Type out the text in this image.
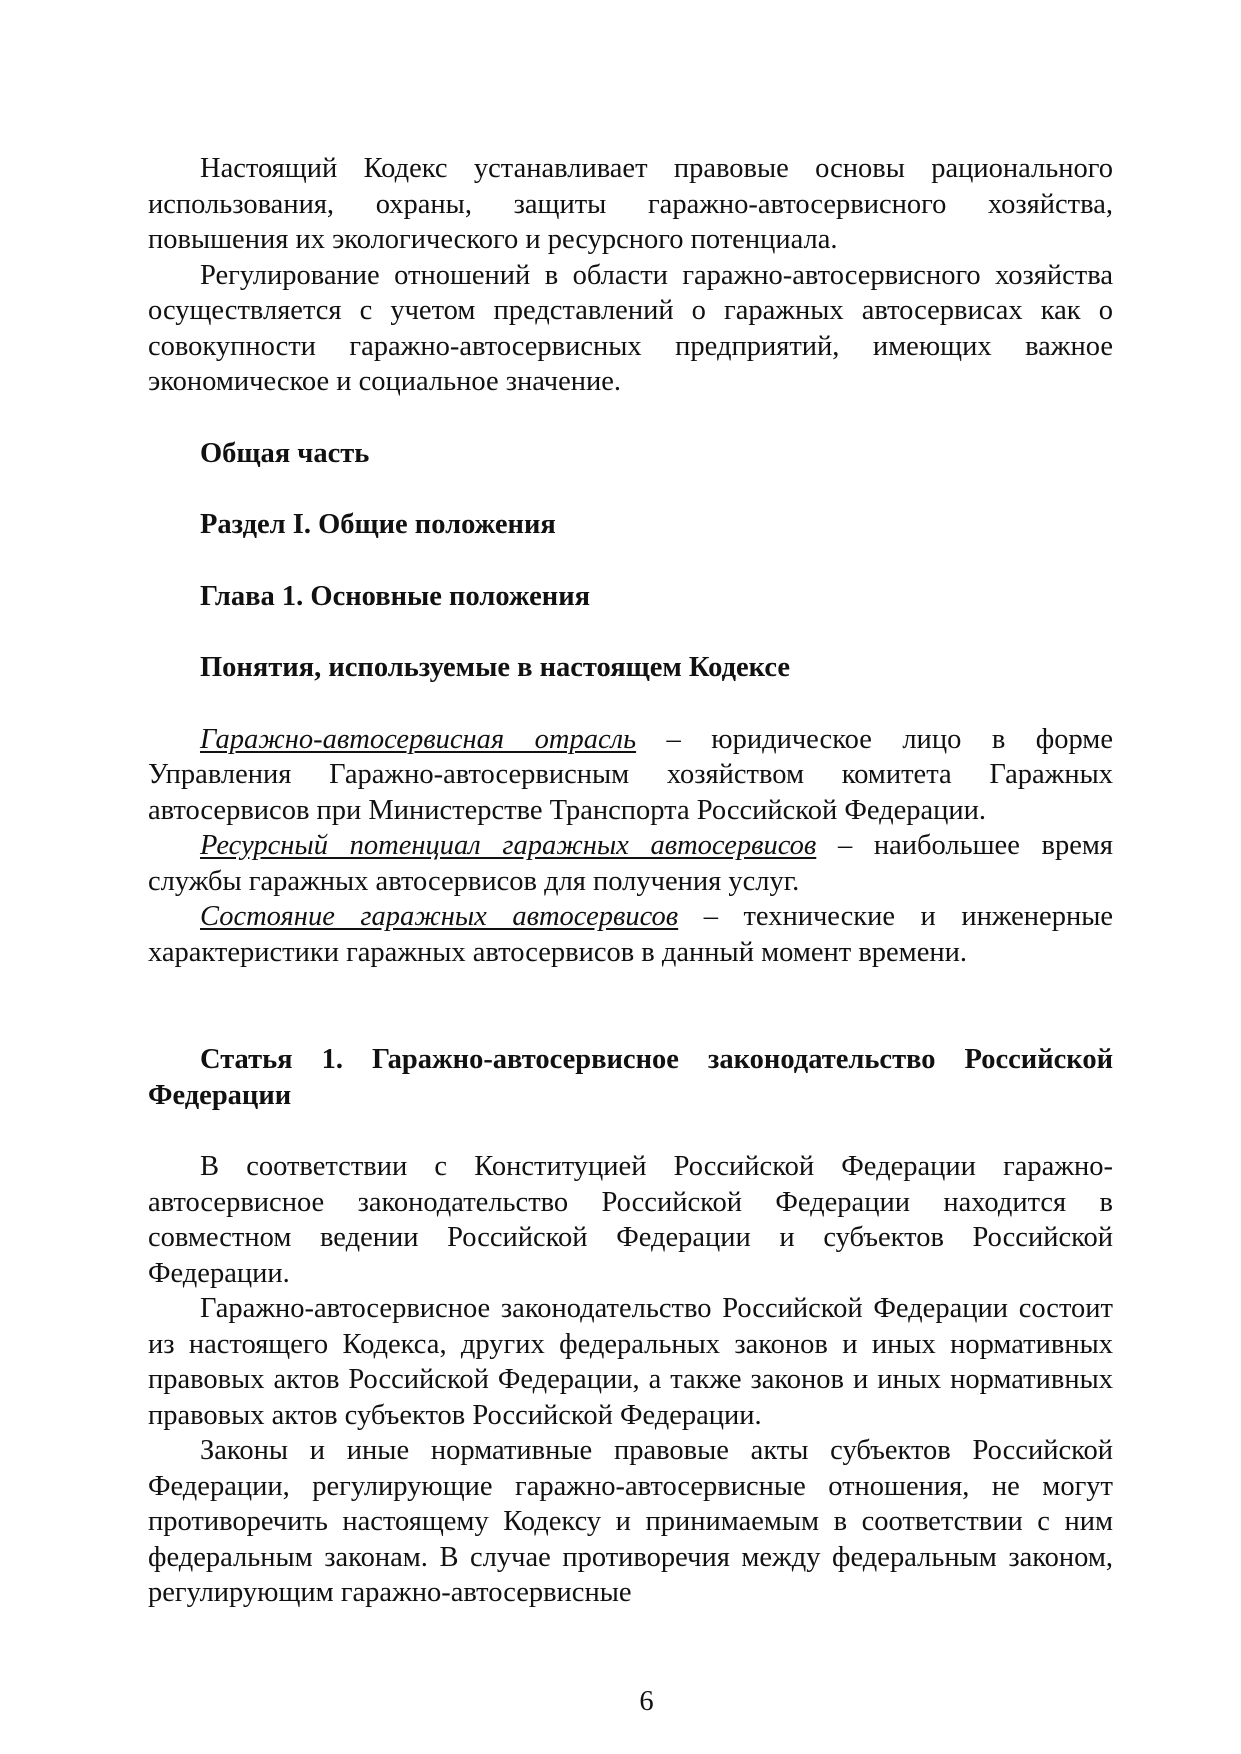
Настоящий Кодекс устанавливает правовые основы рационального использования, охраны, защиты гаражно-автосервисного хозяйства, повышения их экологического и ресурсного потенциала.

Регулирование отношений в области гаражно-автосервисного хозяйства осуществляется с учетом представлений о гаражных автосервисах как о совокупности гаражно-автосервисных предприятий, имеющих важное экономическое и социальное значение.

Общая часть
Раздел I. Общие положения
Глава 1. Основные положения
Понятия, используемые в настоящем Кодексе

Гаражно-автосервисная отрасль – юридическое лицо в форме Управления Гаражно-автосервисным хозяйством комитета Гаражных автосервисов при Министерстве Транспорта Российской Федерации.

Ресурсный потенциал гаражных автосервисов – наибольшее время службы гаражных автосервисов для получения услуг.

Состояние гаражных автосервисов – технические и инженерные характеристики гаражных автосервисов в данный момент времени.

Статья 1. Гаражно-автосервисное законодательство Российской Федерации

В соответствии с Конституцией Российской Федерации гаражно-автосервисное законодательство Российской Федерации находится в совместном ведении Российской Федерации и субъектов Российской Федерации.

Гаражно-автосервисное законодательство Российской Федерации состоит из настоящего Кодекса, других федеральных законов и иных нормативных правовых актов Российской Федерации, а также законов и иных нормативных правовых актов субъектов Российской Федерации.

Законы и иные нормативные правовые акты субъектов Российской Федерации, регулирующие гаражно-автосервисные отношения, не могут противоречить настоящему Кодексу и принимаемым в соответствии с ним федеральным законам. В случае противоречия между федеральным законом, регулирующим гаражно-автосервисные

6
